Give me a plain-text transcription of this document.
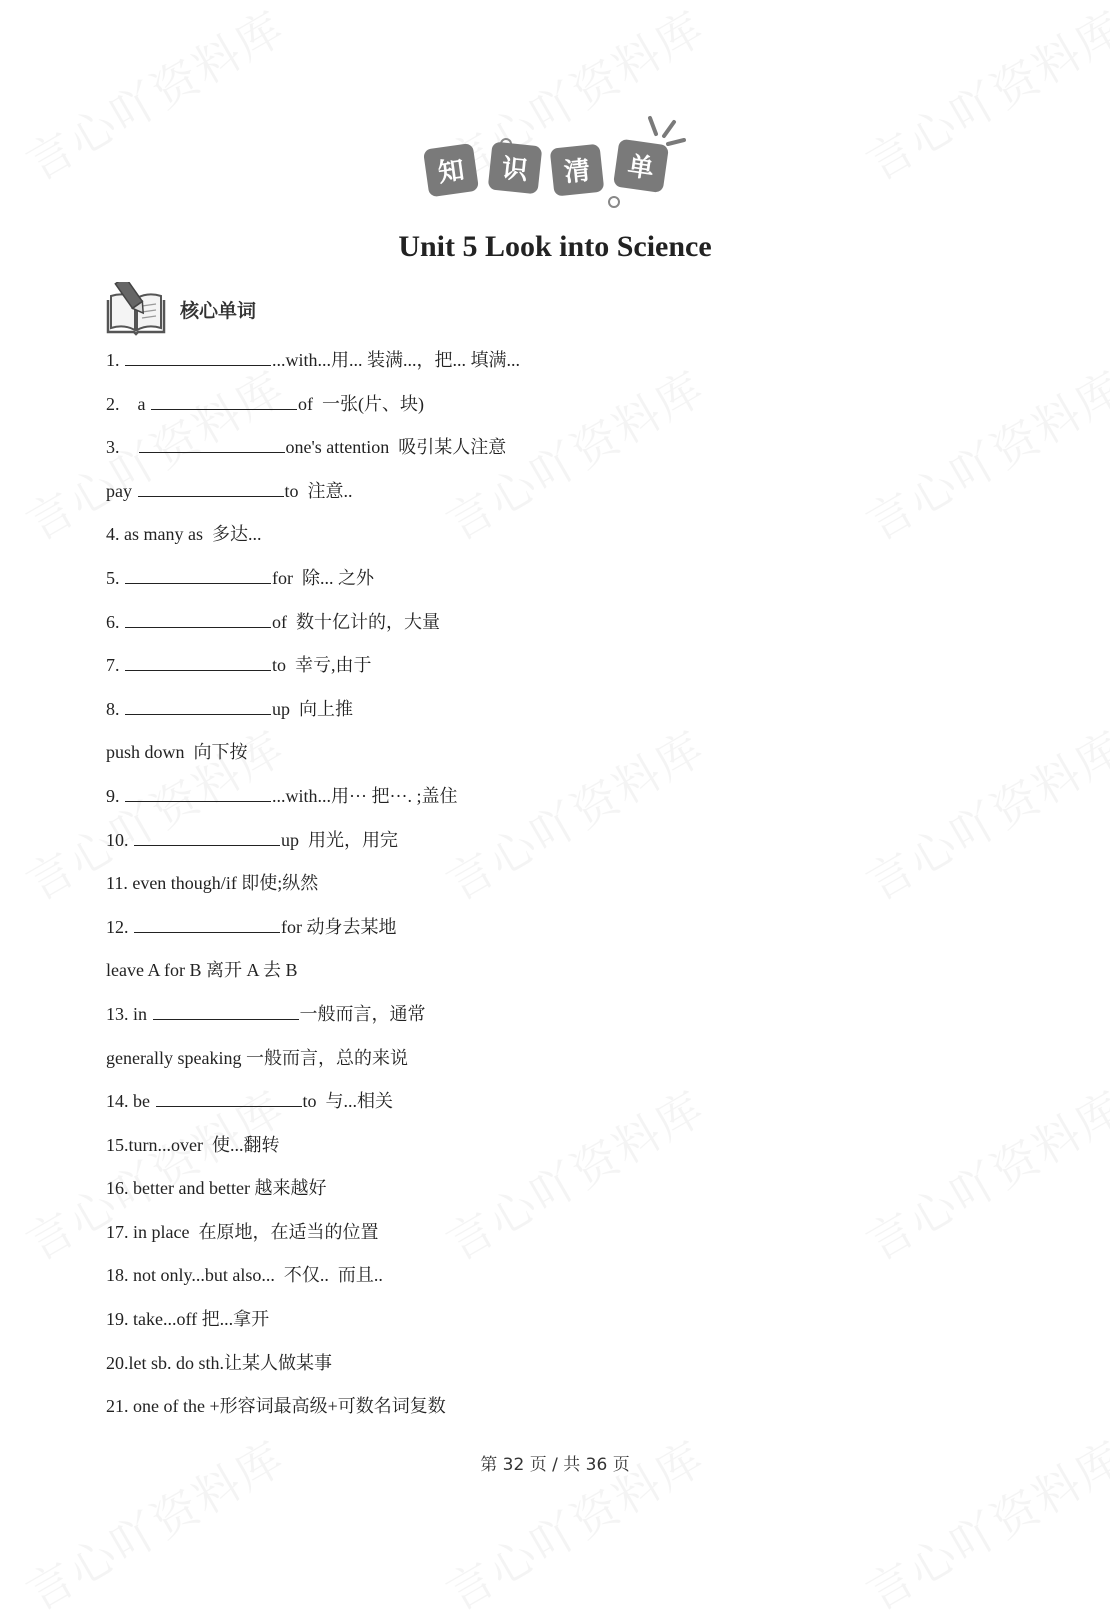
知 识 清 单
Unit 5 Look into Science
核心单词
1.	...with...用... 装满...，把... 填满...
2.    a	of  一张(片、块)
3.	one's attention  吸引某人注意
pay	to  注意..
4. as many as  多达...
5.	for  除... 之外
6.	of  数十亿计的，大量
7.	to  幸亏,由于
8.	up  向上推
push down  向下按
9.	...with...用··· 把···. ;盖住
10.	up  用光，用完
11. even though/if 即使;纵然
12.	for 动身去某地
leave A for B 离开 A 去 B
13. in	一般而言，通常
generally speaking 一般而言，总的来说
14. be	to  与...相关
15.turn...over  使...翻转
16. better and better 越来越好
17. in place  在原地，在适当的位置
18. not only...but also...  不仅..  而且..
19. take...off 把...拿开
20.let sb. do sth.让某人做某事
21. one of the +形容词最高级+可数名词复数
第 32 页 / 共 36 页
